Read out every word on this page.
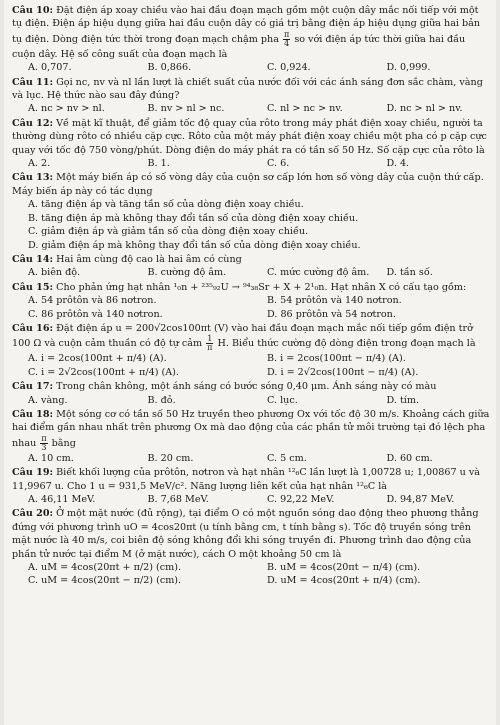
Câu 10: Đặt điện áp xoay chiều vào hai đầu đoạn mạch gồm một cuộn dây mắc nối tiếp với một tụ điện. Điện áp hiệu dụng giữa hai đầu cuộn dây có giá trị bằng điện áp hiệu dụng giữa hai bản tụ điện. Dòng điện tức thời trong đoạn mạch chậm pha $\frac{\pi}{4}$ so với điện áp tức thời giữa hai đầu cuộn dây. Hệ số công suất của đoạn mạch là
A. 0,707.	B. 0,866.	C. 0,924.	D. 0,999.
Câu 11: Gọi nc, nv và nl lần lượt là chiết suất của nước đối với các ánh sáng đơn sắc chàm, vàng và lục. Hệ thức nào sau đây đúng?
A. nc > nv > nl.	B. nv > nl > nc.	C. nl > nc > nv.	D. nc > nl > nv.
Câu 12: Về mặt kĩ thuật, để giảm tốc độ quay của rôto trong máy phát điện xoay chiều, người ta thường dùng rôto có nhiều cặp cực. Rôto của một máy phát điện xoay chiều một pha có p cặp cực quay với tốc độ 750 vòng/phút. Dòng điện do máy phát ra có tần số 50 Hz. Số cặp cực của rôto là
A. 2.	B. 1.	C. 6.	D. 4.
Câu 13: Một máy biến áp có số vòng dây của cuộn sơ cấp lớn hơn số vòng dây của cuộn thứ cấp. Máy biến áp này có tác dụng
A. tăng điện áp và tăng tần số của dòng điện xoay chiều.
B. tăng điện áp mà không thay đổi tần số của dòng điện xoay chiều.
C. giảm điện áp và giảm tần số của dòng điện xoay chiều.
D. giảm điện áp mà không thay đổi tần số của dòng điện xoay chiều.
Câu 14: Hai âm cùng độ cao là hai âm có cùng
A. biên độ.	B. cường độ âm.	C. mức cường độ âm.	D. tần số.
Câu 15: Cho phản ứng hạt nhân ¹₀n + ²³⁵₉₂U → ⁹⁴₃₈Sr + X + 2¹₀n. Hạt nhân X có cấu tạo gồm:
A. 54 prôtôn và 86 nơtron.	B. 54 prôtôn và 140 nơtron.
C. 86 prôtôn và 140 nơtron.	D. 86 prôtôn và 54 nơtron.
Câu 16: Đặt điện áp u = 200√2cos100πt (V) vào hai đầu đoạn mạch mắc nối tiếp gồm điện trở 100 Ω và cuộn cảm thuần có độ tự cảm $\frac{1}{\pi} H$. Biểu thức cường độ dòng điện trong đoạn mạch là
A. i = 2cos(100πt + π/4) (A).	B. i = 2cos(100πt − π/4) (A).
C. i = 2√2cos(100πt + π/4) (A).	D. i = 2√2cos(100πt − π/4) (A).
Câu 17: Trong chân không, một ánh sáng có bước sóng 0,40 μm. Ánh sáng này có màu
A. vàng.	B. đỏ.	C. lục.	D. tím.
Câu 18: Một sóng cơ có tần số 50 Hz truyền theo phương Ox với tốc độ 30 m/s. Khoảng cách giữa hai điểm gần nhau nhất trên phương Ox mà dao động của các phần tử môi trường tại đó lệch pha nhau $\frac{\pi}{3}$ bằng
A. 10 cm.	B. 20 cm.	C. 5 cm.	D. 60 cm.
Câu 19: Biết khối lượng của prôtôn, nơtron và hạt nhân ¹²₆C lần lượt là 1,00728 u; 1,00867 u và 11,9967 u. Cho 1 u = 931,5 MeV/c². Năng lượng liên kết của hạt nhân ¹²₆C là
A. 46,11 MeV.	B. 7,68 MeV.	C. 92,22 MeV.	D. 94,87 MeV.
Câu 20: Ở một mặt nước (đủ rộng), tại điểm O có một nguồn sóng dao động theo phương thẳng đứng với phương trình uO = 4cos20πt (u tính bằng cm, t tính bằng s). Tốc độ truyền sóng trên mặt nước là 40 m/s, coi biên độ sóng không đổi khi sóng truyền đi. Phương trình dao động của phần tử nước tại điểm M (ở mặt nước), cách O một khoảng 50 cm là
A. uM = 4cos(20πt + π/2) (cm).	B. uM = 4cos(20πt − π/4) (cm).
C. uM = 4cos(20πt − π/2) (cm).	D. uM = 4cos(20πt + π/4) (cm).
